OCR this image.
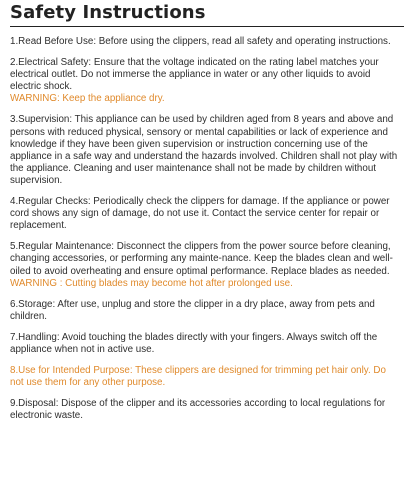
Safety Instructions

1.Read Before Use: Before using the clippers, read all safety and operating instructions.

2.Electrical Safety: Ensure that the voltage indicated on the rating label matches your electrical outlet. Do not immerse the appliance in water or any other liquids to avoid electric shock.

WARNING: Keep the appliance dry.

3.Supervision: This appliance can be used by children aged from 8 years and above and persons with reduced physical, sensory or mental capabilities or lack of experience and knowledge if they have been given supervision or instruction concerning use of the appliance in a safe way and understand the hazards involved. Children shall not play with the appliance. Cleaning and user maintenance shall not be made by children without supervision.

4.Regular Checks: Periodically check the clippers for damage. If the appliance or power cord shows any sign of damage, do not use it. Contact the service center for repair or replacement.

5.Regular Maintenance: Disconnect the clippers from the power source before cleaning, changing accessories, or performing any mainte-nance. Keep the blades clean and well-oiled to avoid overheating and ensure optimal performance. Replace blades as needed.

WARNING : Cutting blades may become hot after prolonged use.

6.Storage: After use, unplug and store the clipper in a dry place, away from pets and children.

7.Handling: Avoid touching the blades directly with your fingers. Always switch off the appliance when not in active use.

8.Use for Intended Purpose: These clippers are designed for trimming pet hair only. Do not use them for any other purpose.

9.Disposal: Dispose of the clipper and its accessories according to local regulations for electronic waste.
